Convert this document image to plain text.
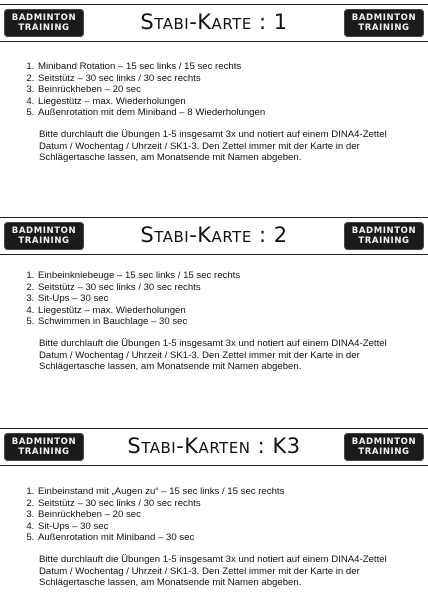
BADMINTON
TRAINING	Stabi-Karte : 1	BADMINTON
TRAINING
1. Miniband Rotation – 15 sec links / 15 sec rechts
2. Seitstütz – 30 sec links / 30 sec rechts
3. Beinrückheben – 20 sec
4. Liegestütz – max. Wiederholungen
5. Außenrotation mit dem Miniband – 8 Wiederholungen

Bitte durchlauft die Übungen 1-5 insgesamt 3x und notiert auf einem DINA4-Zettel Datum / Wochentag / Uhrzeit / SK1-3. Den Zettel immer mit der Karte in der Schlägertasche lassen, am Monatsende mit Namen abgeben.

BADMINTON
TRAINING	Stabi-Karte : 2	BADMINTON
TRAINING
1. Einbeinkniebeuge – 15 sec links / 15 sec rechts
2. Seitstütz – 30 sec links / 30 sec rechts
3. Sit-Ups – 30 sec
4. Liegestütz – max. Wiederholungen
5. Schwimmen in Bauchlage – 30 sec

Bitte durchlauft die Übungen 1-5 insgesamt 3x und notiert auf einem DINA4-Zettel Datum / Wochentag / Uhrzeit / SK1-3. Den Zettel immer mit der Karte in der Schlägertasche lassen, am Monatsende mit Namen abgeben.

BADMINTON
TRAINING	Stabi-Karten : K3	BADMINTON
TRAINING
1. Einbeinstand mit „Augen zu“ – 15 sec links / 15 sec rechts
2. Seitstütz – 30 sec links / 30 sec rechts
3. Beinrückheben – 20 sec
4. Sit-Ups – 30 sec
5. Außenrotation mit Miniband – 30 sec

Bitte durchlauft die Übungen 1-5 insgesamt 3x und notiert auf einem DINA4-Zettel Datum / Wochentag / Uhrzeit / SK1-3. Den Zettel immer mit der Karte in der Schlägertasche lassen, am Monatsende mit Namen abgeben.
